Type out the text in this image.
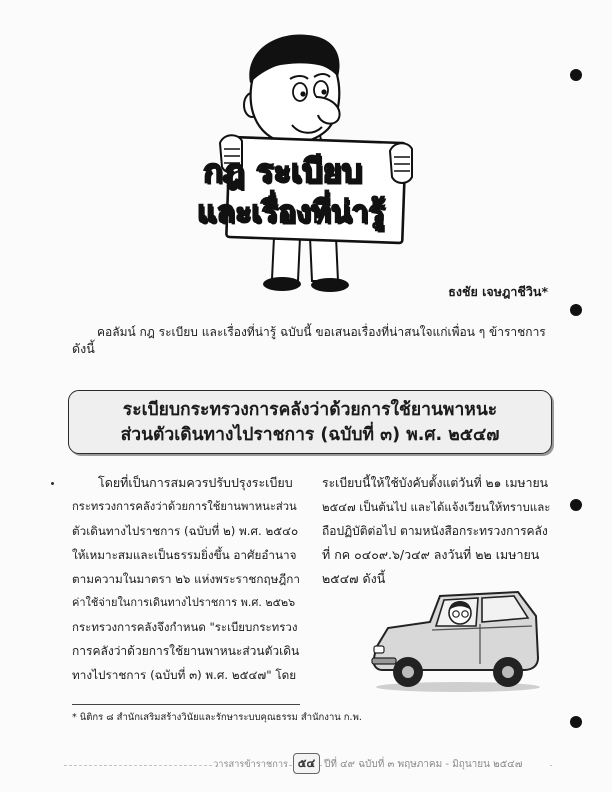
กฎ ระเบียบ
และเรื่องที่น่ารู้
ธงชัย เจษฎาชีวิน*
คอลัมน์ กฎ ระเบียบ และเรื่องที่น่ารู้ ฉบับนี้ ขอเสนอเรื่องที่น่าสนใจแก่เพื่อน ๆ ข้าราชการ
ดังนี้
ระเบียบกระทรวงการคลังว่าด้วยการใช้ยานพาหนะ
ส่วนตัวเดินทางไปราชการ (ฉบับที่ ๓) พ.ศ. ๒๕๔๗
โดยที่เป็นการสมควรปรับปรุงระเบียบ
กระทรวงการคลังว่าด้วยการใช้ยานพาหนะส่วน
ตัวเดินทางไปราชการ (ฉบับที่ ๒) พ.ศ. ๒๕๔๐
ให้เหมาะสมและเป็นธรรมยิ่งขึ้น อาศัยอำนาจ
ตามความในมาตรา ๒๖ แห่งพระราชกฤษฎีกา
ค่าใช้จ่ายในการเดินทางไปราชการ พ.ศ. ๒๕๒๖
กระทรวงการคลังจึงกำหนด "ระเบียบกระทรวง
การคลังว่าด้วยการใช้ยานพาหนะส่วนตัวเดิน
ทางไปราชการ (ฉบับที่ ๓) พ.ศ. ๒๕๔๗" โดย
ระเบียบนี้ให้ใช้บังคับตั้งแต่วันที่ ๒๑ เมษายน
๒๕๔๗ เป็นต้นไป และได้แจ้งเวียนให้ทราบและ
ถือปฏิบัติต่อไป ตามหนังสือกระทรวงการคลัง
ที่ กค ๐๔๐๙.๖/ว๔๙ ลงวันที่ ๒๒ เมษายน
๒๕๔๗ ดังนี้
* นิติกร ๘ สำนักเสริมสร้างวินัยและรักษาระบบคุณธรรม สำนักงาน ก.พ.
วารสารข้าราชการ ๕๔ ปีที่ ๔๙ ฉบับที่ ๓ พฤษภาคม - มิถุนายน ๒๕๔๗
